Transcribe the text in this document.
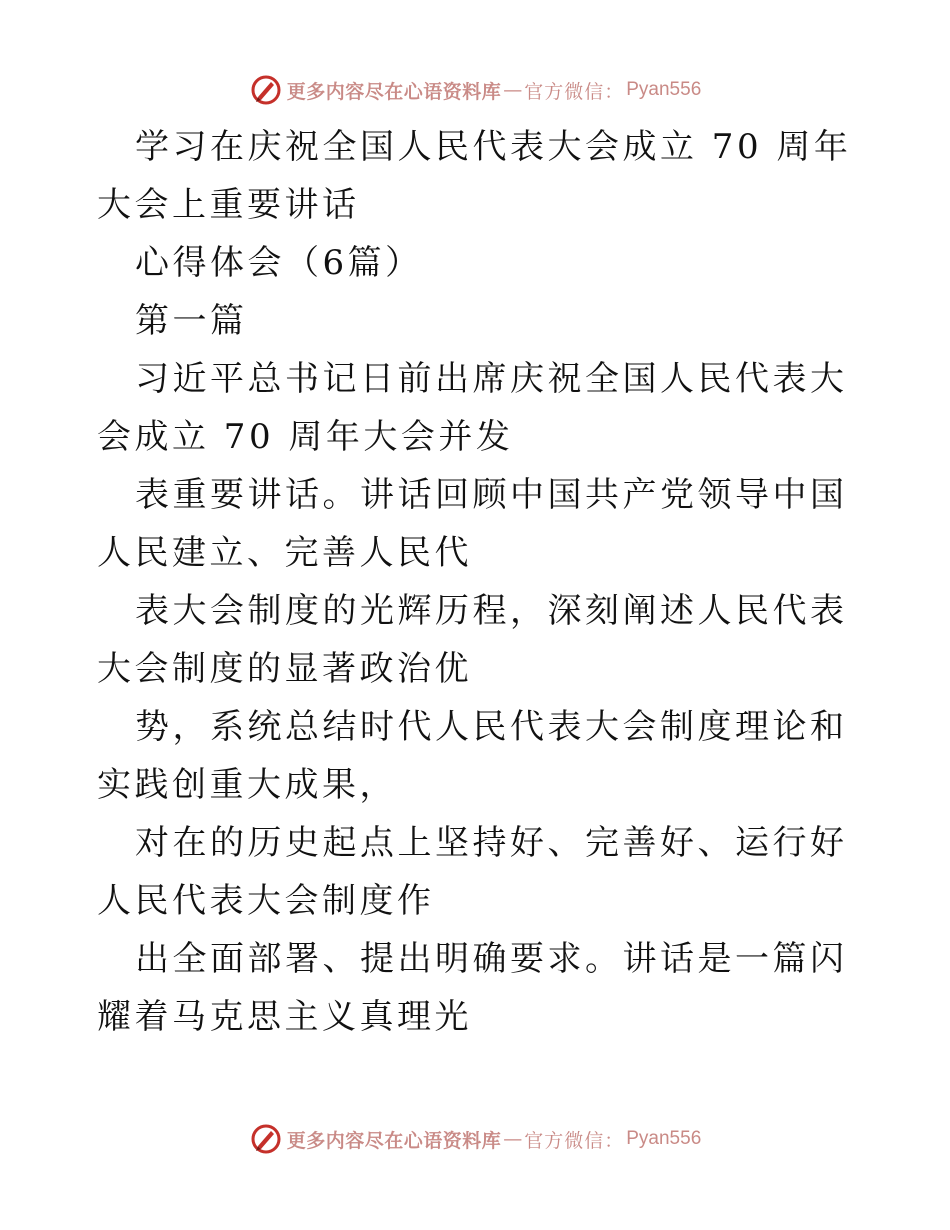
更多内容尽在心语资料库 — 官方微信： Pyan556

学习在庆祝全国人民代表大会成立 70 周年大会上重要讲话

心得体会（6篇）

第一篇

习近平总书记日前出席庆祝全国人民代表大会成立 70 周年大会并发

表重要讲话。讲话回顾中国共产党领导中国人民建立、完善人民代

表大会制度的光辉历程，深刻阐述人民代表大会制度的显著政治优

势，系统总结时代人民代表大会制度理论和实践创重大成果，

对在的历史起点上坚持好、完善好、运行好人民代表大会制度作

出全面部署、提出明确要求。讲话是一篇闪耀着马克思主义真理光

更多内容尽在心语资料库 — 官方微信： Pyan556
